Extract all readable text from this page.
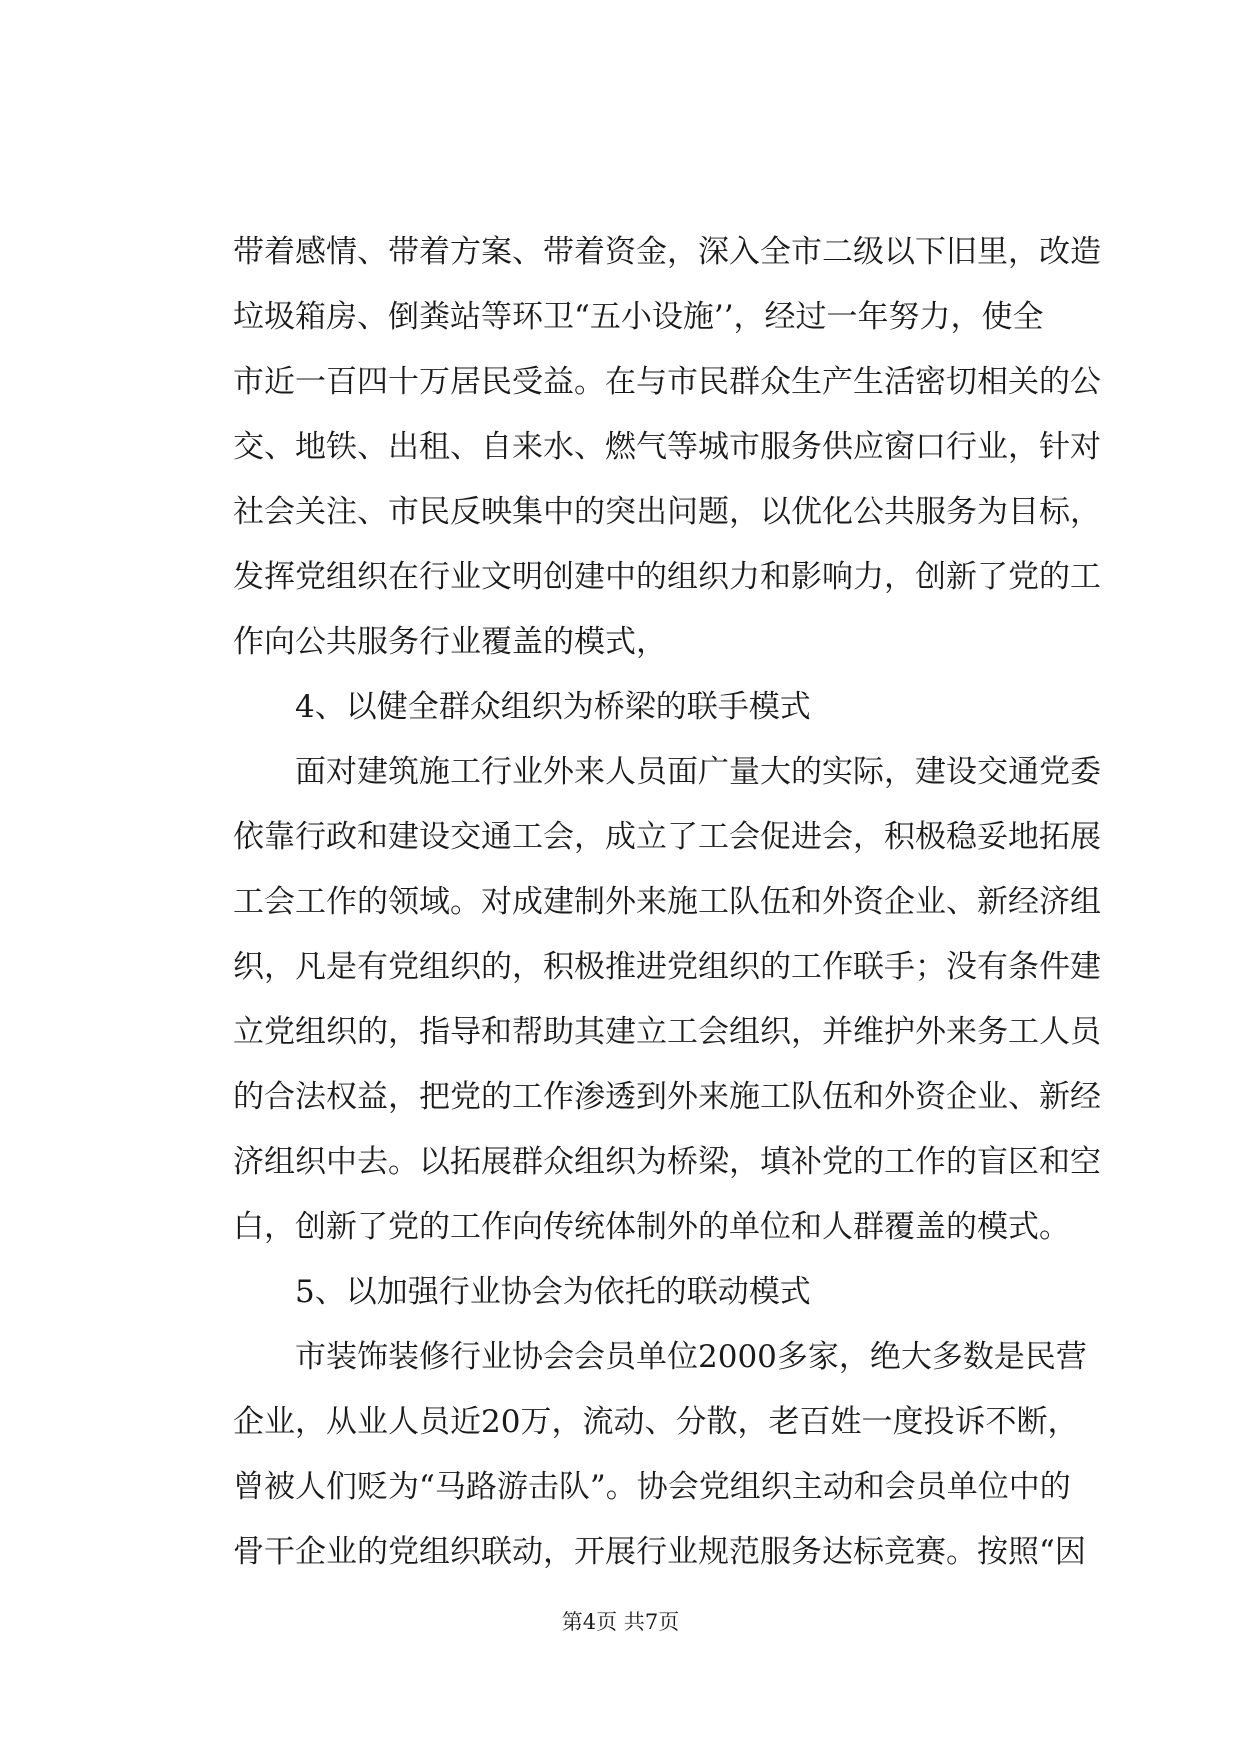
带着感情、带着方案、带着资金，深入全市二级以下旧里，改造
垃圾箱房、倒粪站等环卫“五小设施’’，经过一年努力，使全
市近一百四十万居民受益。在与市民群众生产生活密切相关的公
交、地铁、出租、自来水、燃气等城市服务供应窗口行业，针对
社会关注、市民反映集中的突出问题，以优化公共服务为目标，
发挥党组织在行业文明创建中的组织力和影响力，创新了党的工
作向公共服务行业覆盖的模式，
4、以健全群众组织为桥梁的联手模式
面对建筑施工行业外来人员面广量大的实际，建设交通党委
依靠行政和建设交通工会，成立了工会促进会，积极稳妥地拓展
工会工作的领域。对成建制外来施工队伍和外资企业、新经济组
织，凡是有党组织的，积极推进党组织的工作联手；没有条件建
立党组织的，指导和帮助其建立工会组织，并维护外来务工人员
的合法权益，把党的工作渗透到外来施工队伍和外资企业、新经
济组织中去。以拓展群众组织为桥梁，填补党的工作的盲区和空
白，创新了党的工作向传统体制外的单位和人群覆盖的模式。
5、以加强行业协会为依托的联动模式
市装饰装修行业协会会员单位2000多家，绝大多数是民营
企业，从业人员近20万，流动、分散，老百姓一度投诉不断，
曾被人们贬为“马路游击队”。协会党组织主动和会员单位中的
骨干企业的党组织联动，开展行业规范服务达标竞赛。按照“因
第4页 共7页
